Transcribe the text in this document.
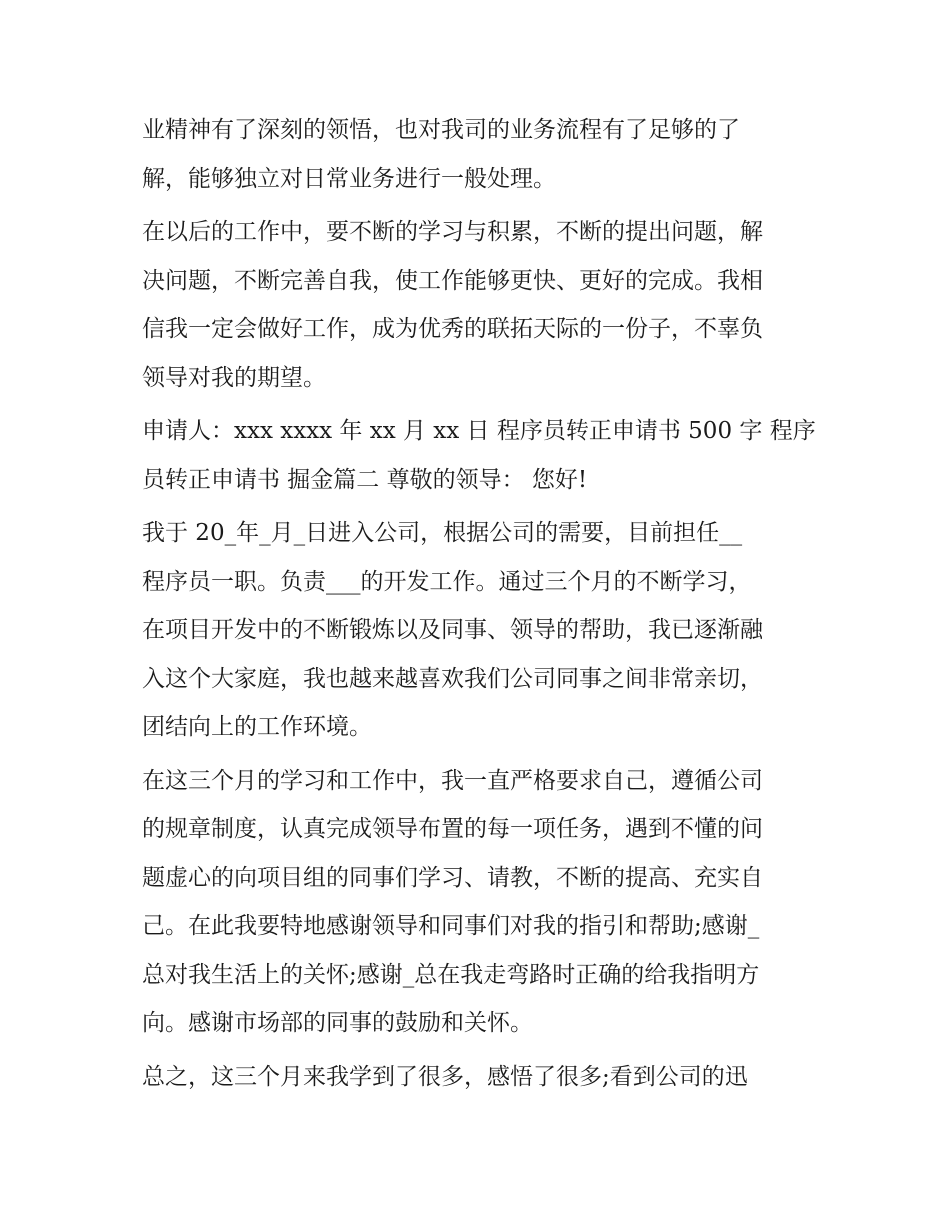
业精神有了深刻的领悟，也对我司的业务流程有了足够的了
解，能够独立对日常业务进行一般处理。

在以后的工作中，要不断的学习与积累，不断的提出问题，解
决问题，不断完善自我，使工作能够更快、更好的完成。我相
信我一定会做好工作，成为优秀的联拓天际的一份子，不辜负
领导对我的期望。

申请人：xxx xxxx 年 xx 月 xx 日 程序员转正申请书 500 字 程序
员转正申请书 掘金篇二 尊敬的领导： 您好!

我于 20_年_月_日进入公司，根据公司的需要，目前担任__
程序员一职。负责___的开发工作。通过三个月的不断学习，
在项目开发中的不断锻炼以及同事、领导的帮助，我已逐渐融
入这个大家庭，我也越来越喜欢我们公司同事之间非常亲切，
团结向上的工作环境。

在这三个月的学习和工作中，我一直严格要求自己，遵循公司
的规章制度，认真完成领导布置的每一项任务，遇到不懂的问
题虚心的向项目组的同事们学习、请教，不断的提高、充实自
己。在此我要特地感谢领导和同事们对我的指引和帮助;感谢_
总对我生活上的关怀;感谢_总在我走弯路时正确的给我指明方
向。感谢市场部的同事的鼓励和关怀。

总之，这三个月来我学到了很多，感悟了很多;看到公司的迅
